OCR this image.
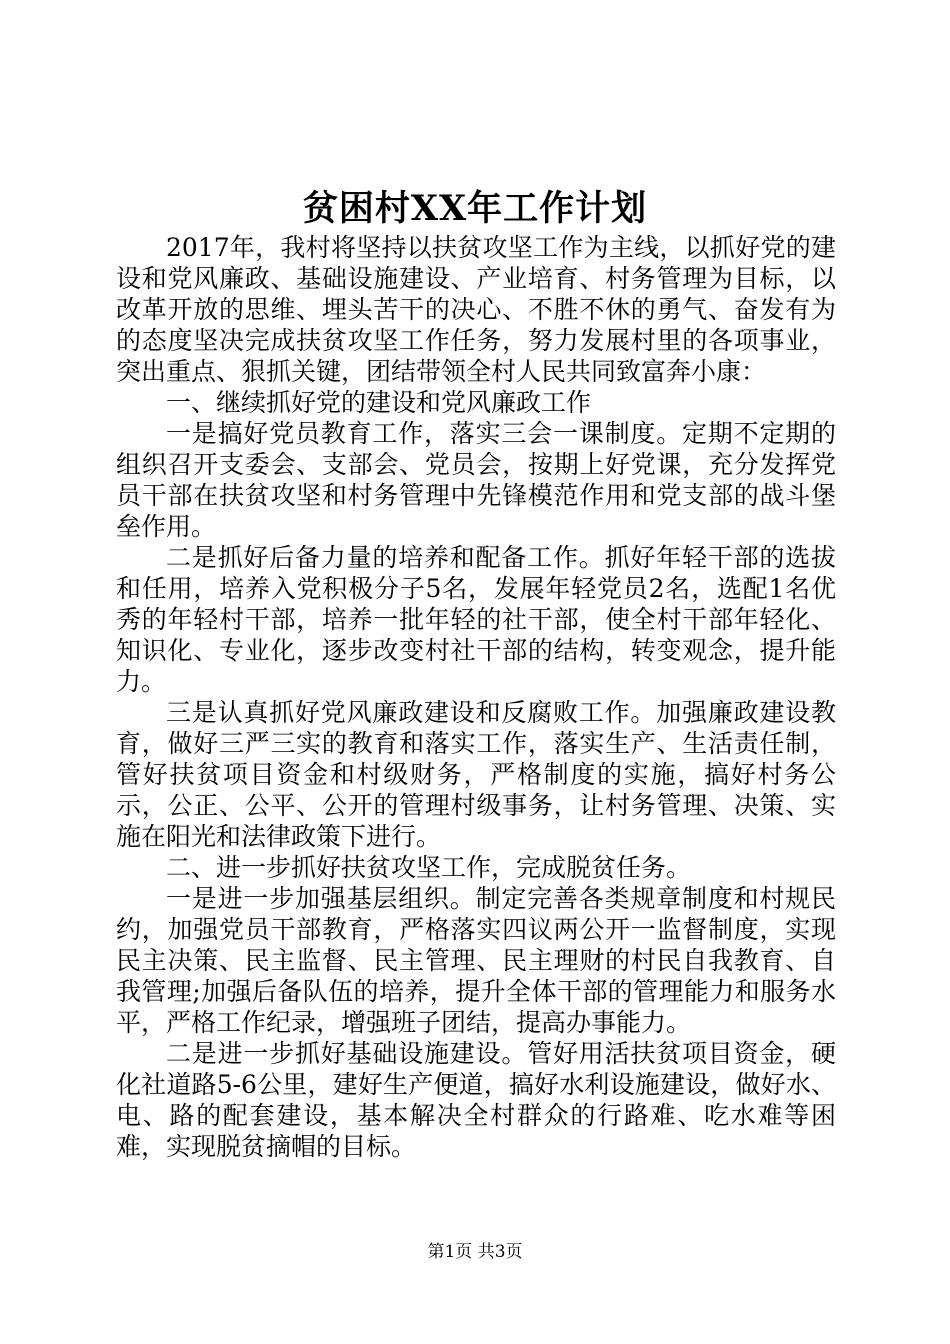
贫困村XX年工作计划

2017年，我村将坚持以扶贫攻坚工作为主线，以抓好党的建设和党风廉政、基础设施建设、产业培育、村务管理为目标，以改革开放的思维、埋头苦干的决心、不胜不休的勇气、奋发有为的态度坚决完成扶贫攻坚工作任务，努力发展村里的各项事业，突出重点、狠抓关键，团结带领全村人民共同致富奔小康：

一、继续抓好党的建设和党风廉政工作

一是搞好党员教育工作，落实三会一课制度。定期不定期的组织召开支委会、支部会、党员会，按期上好党课，充分发挥党员干部在扶贫攻坚和村务管理中先锋模范作用和党支部的战斗堡垒作用。

二是抓好后备力量的培养和配备工作。抓好年轻干部的选拔和任用，培养入党积极分子5名，发展年轻党员2名，选配1名优秀的年轻村干部，培养一批年轻的社干部，使全村干部年轻化、知识化、专业化，逐步改变村社干部的结构，转变观念，提升能力。

三是认真抓好党风廉政建设和反腐败工作。加强廉政建设教育，做好三严三实的教育和落实工作，落实生产、生活责任制，管好扶贫项目资金和村级财务，严格制度的实施，搞好村务公示，公正、公平、公开的管理村级事务，让村务管理、决策、实施在阳光和法律政策下进行。

二、进一步抓好扶贫攻坚工作，完成脱贫任务。

一是进一步加强基层组织。制定完善各类规章制度和村规民约，加强党员干部教育，严格落实四议两公开一监督制度，实现民主决策、民主监督、民主管理、民主理财的村民自我教育、自我管理;加强后备队伍的培养，提升全体干部的管理能力和服务水平，严格工作纪录，增强班子团结，提高办事能力。

二是进一步抓好基础设施建设。管好用活扶贫项目资金，硬化社道路5-6公里，建好生产便道，搞好水利设施建设，做好水、电、路的配套建设，基本解决全村群众的行路难、吃水难等困难，实现脱贫摘帽的目标。

第1页 共3页
